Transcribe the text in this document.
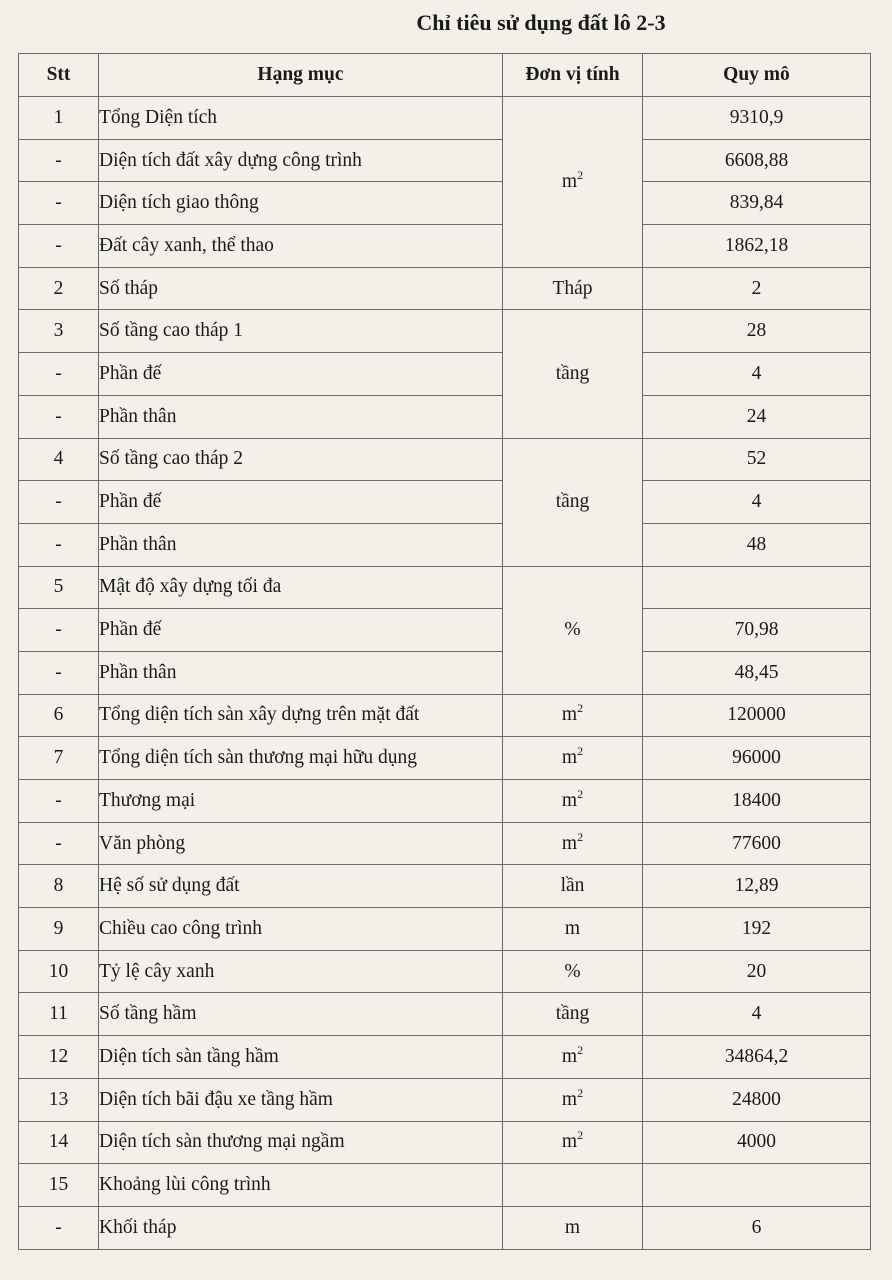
Chỉ tiêu sử dụng đất lô 2-3
Stt	Hạng mục	Đơn vị tính	Quy mô
1	Tổng Diện tích	$m^2$	9310,9
-	Diện tích đất xây dựng công trình		6608,88
-	Diện tích giao thông		839,84
-	Đất cây xanh, thể thao		1862,18
2	Số tháp	Tháp	2
3	Số tầng cao tháp 1	tầng	28
-	Phần đế		4
-	Phần thân		24
4	Số tầng cao tháp 2	tầng	52
-	Phần đế		4
-	Phần thân		48
5	Mật độ xây dựng tối đa	%	
-	Phần đế		70,98
-	Phần thân		48,45
6	Tổng diện tích sàn xây dựng trên mặt đất	$m^2$	120000
7	Tổng diện tích sàn thương mại hữu dụng	$m^2$	96000
-	Thương mại	$m^2$	18400
-	Văn phòng	$m^2$	77600
8	Hệ số sử dụng đất	lần	12,89
9	Chiều cao công trình	m	192
10	Tỷ lệ cây xanh	%	20
11	Số tầng hầm	tầng	4
12	Diện tích sàn tầng hầm	$m^2$	34864,2
13	Diện tích bãi đậu xe tầng hầm	$m^2$	24800
14	Diện tích sàn thương mại ngầm	$m^2$	4000
15	Khoảng lùi công trình		
-	Khối tháp	m	6
